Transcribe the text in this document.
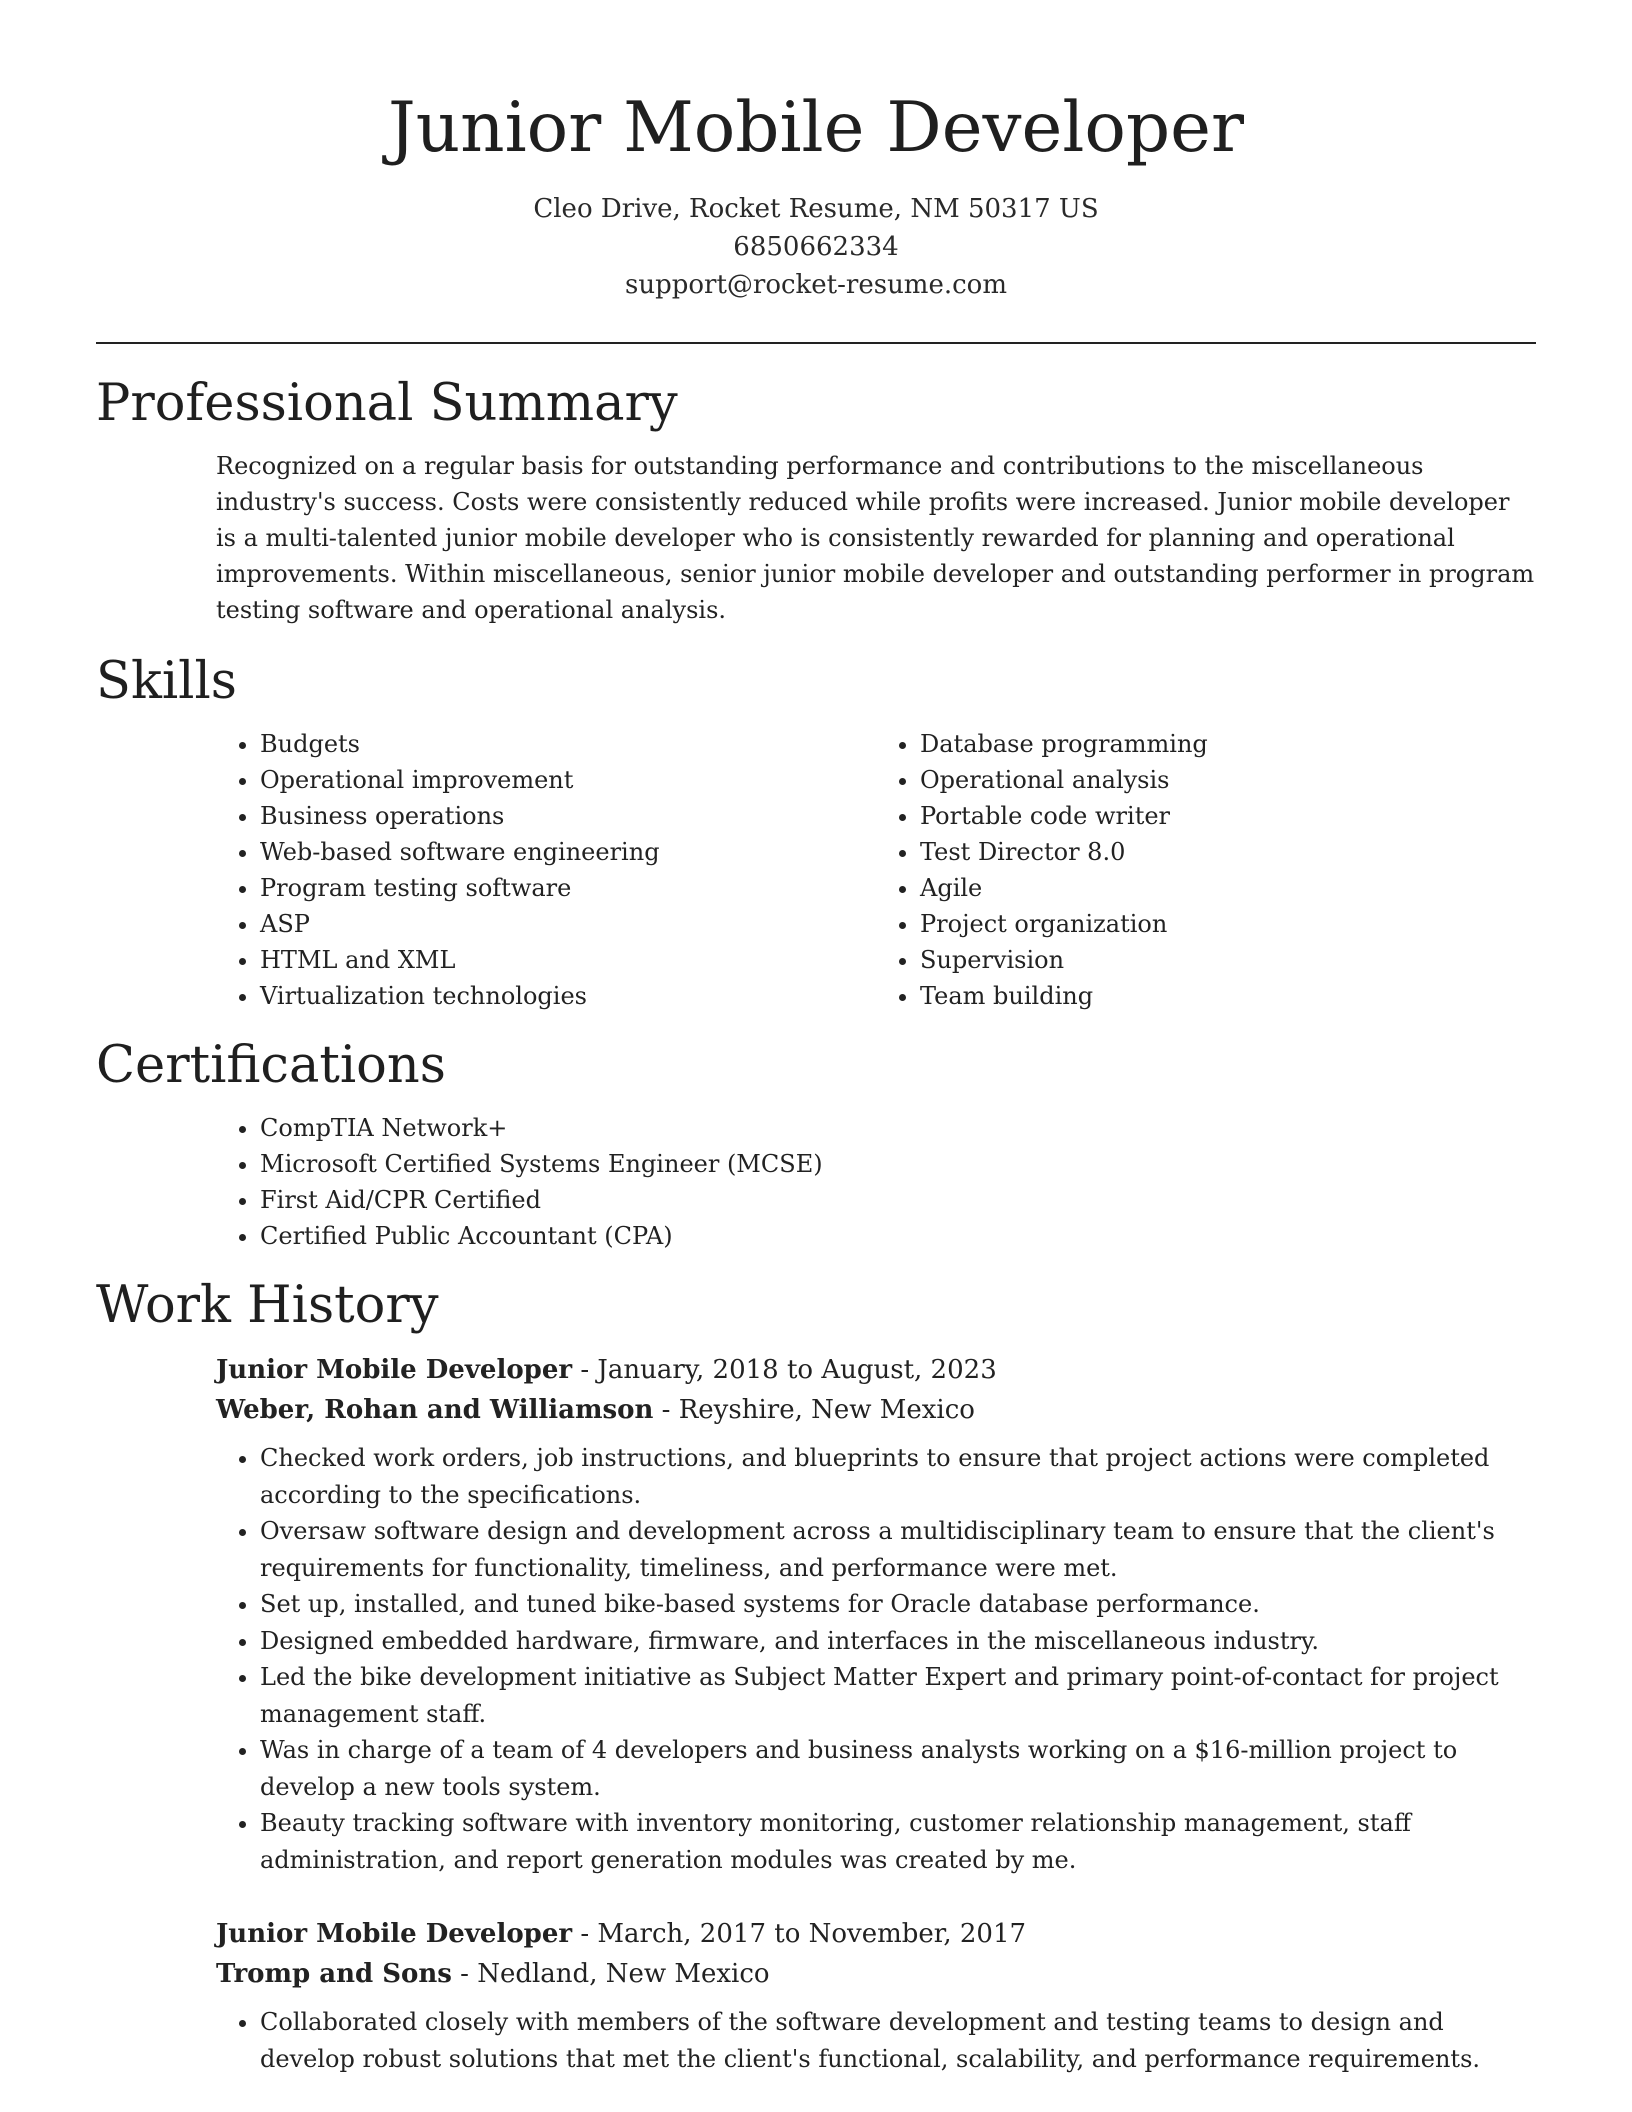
Junior Mobile Developer
Cleo Drive, Rocket Resume, NM 50317 US
6850662334
support@rocket-resume.com
Professional Summary

Recognized on a regular basis for outstanding performance and contributions to the miscellaneous industry's success. Costs were consistently reduced while profits were increased. Junior mobile developer is a multi-talented junior mobile developer who is consistently rewarded for planning and operational improvements. Within miscellaneous, senior junior mobile developer and outstanding performer in program testing software and operational analysis.

Skills
• Budgets
• Operational improvement
• Business operations
• Web-based software engineering
• Program testing software
• ASP
• HTML and XML
• Virtualization technologies
• Database programming
• Operational analysis
• Portable code writer
• Test Director 8.0
• Agile
• Project organization
• Supervision
• Team building
Certifications
• CompTIA Network+
• Microsoft Certified Systems Engineer (MCSE)
• First Aid/CPR Certified
• Certified Public Accountant (CPA)
Work History
Junior Mobile Developer - January, 2018 to August, 2023
Weber, Rohan and Williamson - Reyshire, New Mexico
• Checked work orders, job instructions, and blueprints to ensure that project actions were completed according to the specifications.
• Oversaw software design and development across a multidisciplinary team to ensure that the client's requirements for functionality, timeliness, and performance were met.
• Set up, installed, and tuned bike-based systems for Oracle database performance.
• Designed embedded hardware, firmware, and interfaces in the miscellaneous industry.
• Led the bike development initiative as Subject Matter Expert and primary point-of-contact for project management staff.
• Was in charge of a team of 4 developers and business analysts working on a $16-million project to develop a new tools system.
• Beauty tracking software with inventory monitoring, customer relationship management, staff administration, and report generation modules was created by me.
Junior Mobile Developer - March, 2017 to November, 2017
Tromp and Sons - Nedland, New Mexico
• Collaborated closely with members of the software development and testing teams to design and develop robust solutions that met the client's functional, scalability, and performance requirements.
